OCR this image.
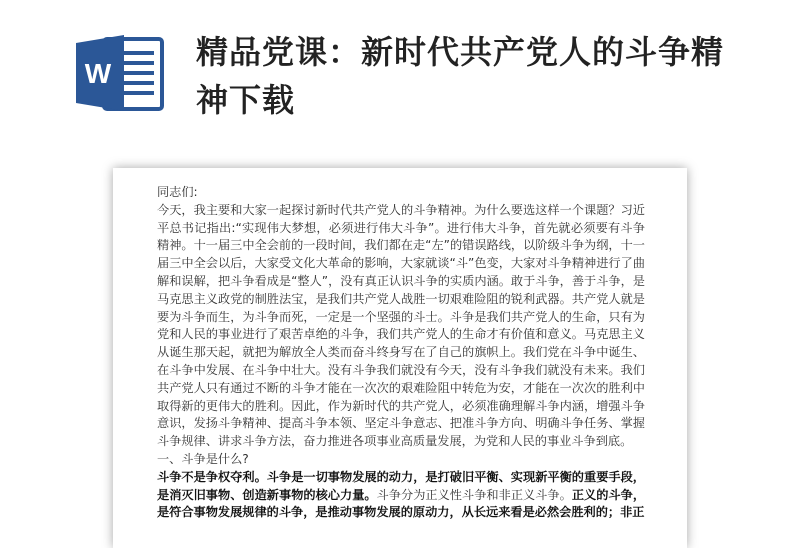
W
精品党课：新时代共产党人的斗争精神下载

同志们:

今天，我主要和大家一起探讨新时代共产党人的斗争精神。为什么要选这样一个课题？习近平总书记指出:“实现伟大梦想，必须进行伟大斗争”。进行伟大斗争，首先就必须要有斗争精神。十一届三中全会前的一段时间，我们都在走“左”的错误路线，以阶级斗争为纲，十一届三中全会以后，大家受文化大革命的影响，大家就谈“斗”色变，大家对斗争精神进行了曲解和误解，把斗争看成是“整人”，没有真正认识斗争的实质内涵。敢于斗争，善于斗争，是马克思主义政党的制胜法宝，是我们共产党人战胜一切艰难险阻的锐利武器。共产党人就是要为斗争而生，为斗争而死，一定是一个坚强的斗士。斗争是我们共产党人的生命，只有为党和人民的事业进行了艰苦卓绝的斗争，我们共产党人的生命才有价值和意义。马克思主义从诞生那天起，就把为解放全人类而奋斗终身写在了自己的旗帜上。我们党在斗争中诞生、在斗争中发展、在斗争中壮大。没有斗争我们就没有今天，没有斗争我们就没有未来。我们共产党人只有通过不断的斗争才能在一次次的艰难险阻中转危为安，才能在一次次的胜利中取得新的更伟大的胜利。因此，作为新时代的共产党人，必须准确理解斗争内涵，增强斗争意识，发扬斗争精神、提高斗争本领、坚定斗争意志、把准斗争方向、明确斗争任务、掌握斗争规律、讲求斗争方法，奋力推进各项事业高质量发展，为党和人民的事业斗争到底。

一、斗争是什么?

斗争不是争权夺利。斗争是一切事物发展的动力，是打破旧平衡、实现新平衡的重要手段，是消灭旧事物、创造新事物的核心力量。斗争分为正义性斗争和非正义斗争。正义的斗争，是符合事物发展规律的斗争，是推动事物发展的原动力，从长远来看是必然会胜利的；非正
